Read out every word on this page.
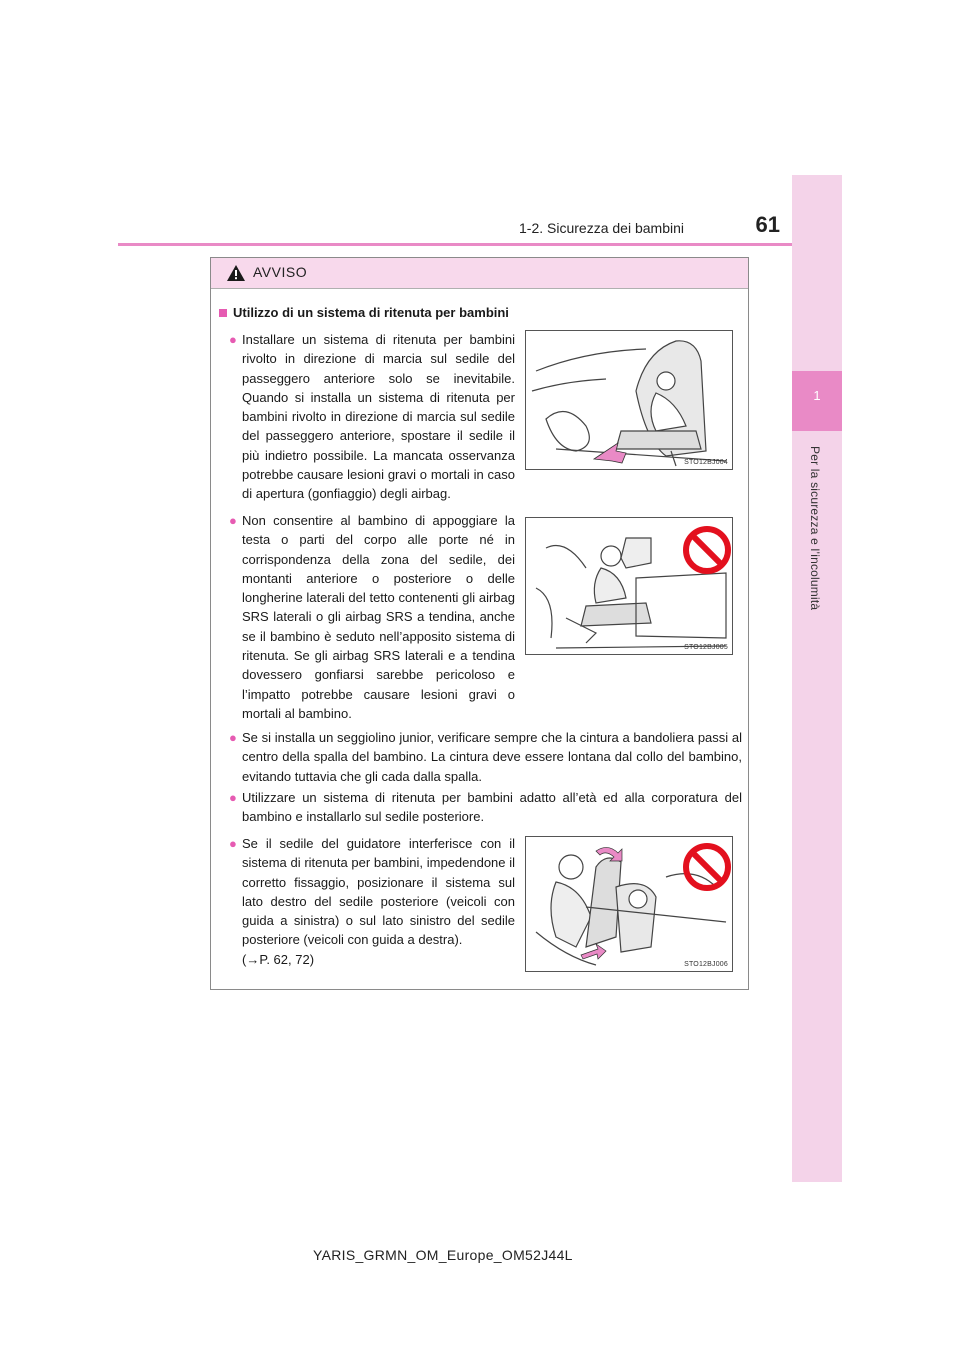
1-2. Sicurezza dei bambini	61
1
Per la sicurezza e l’incolumità
AVVISO
Utilizzo di un sistema di ritenuta per bambini
● Installare un sistema di ritenuta per bambini rivolto in direzione di marcia sul sedile del passeggero anteriore solo se inevitabile. Quando si installa un sistema di ritenuta per bambini rivolto in direzione di marcia sul sedile del passeggero anteriore, spostare il sedile il più indietro possibile. La mancata osservanza potrebbe causare lesioni gravi o mortali in caso di apertura (gonfiaggio) degli airbag.
STO12BJ004
● Non consentire al bambino di appoggiare la testa o parti del corpo alle porte né in corrispondenza della zona del sedile, dei montanti anteriore o posteriore o delle longherine laterali del tetto contenenti gli airbag SRS laterali o gli airbag SRS a tendina, anche se il bambino è seduto nell’apposito sistema di ritenuta. Se gli airbag SRS laterali e a tendina dovessero gonfiarsi sarebbe pericoloso e l’impatto potrebbe causare lesioni gravi o mortali al bambino.
STO12BJ005
● Se si installa un seggiolino junior, verificare sempre che la cintura a bandoliera passi al centro della spalla del bambino. La cintura deve essere lontana dal collo del bambino, evitando tuttavia che gli cada dalla spalla.
● Utilizzare un sistema di ritenuta per bambini adatto all’età ed alla corporatura del bambino e installarlo sul sedile posteriore.
● Se il sedile del guidatore interferisce con il sistema di ritenuta per bambini, impedendone il corretto fissaggio, posizionare il sistema sul lato destro del sedile posteriore (veicoli con guida a sinistra) o sul lato sinistro del sedile posteriore (veicoli con guida a destra).
(→P. 62, 72)	STO12BJ006
YARIS_GRMN_OM_Europe_OM52J44L
